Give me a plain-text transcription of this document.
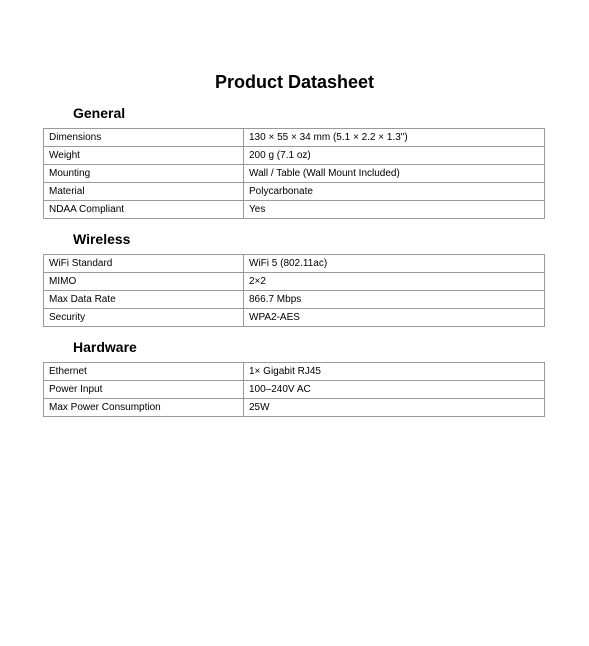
Product Datasheet
General
Dimensions	130 × 55 × 34 mm (5.1 × 2.2 × 1.3")
Weight	200 g (7.1 oz)
Mounting	Wall / Table (Wall Mount Included)
Material	Polycarbonate
NDAA Compliant	Yes
Wireless
WiFi Standard	WiFi 5 (802.11ac)
MIMO	2×2
Max Data Rate	866.7 Mbps
Security	WPA2-AES
Hardware
Ethernet	1× Gigabit RJ45
Power Input	100–240V AC
Max Power Consumption	25W
